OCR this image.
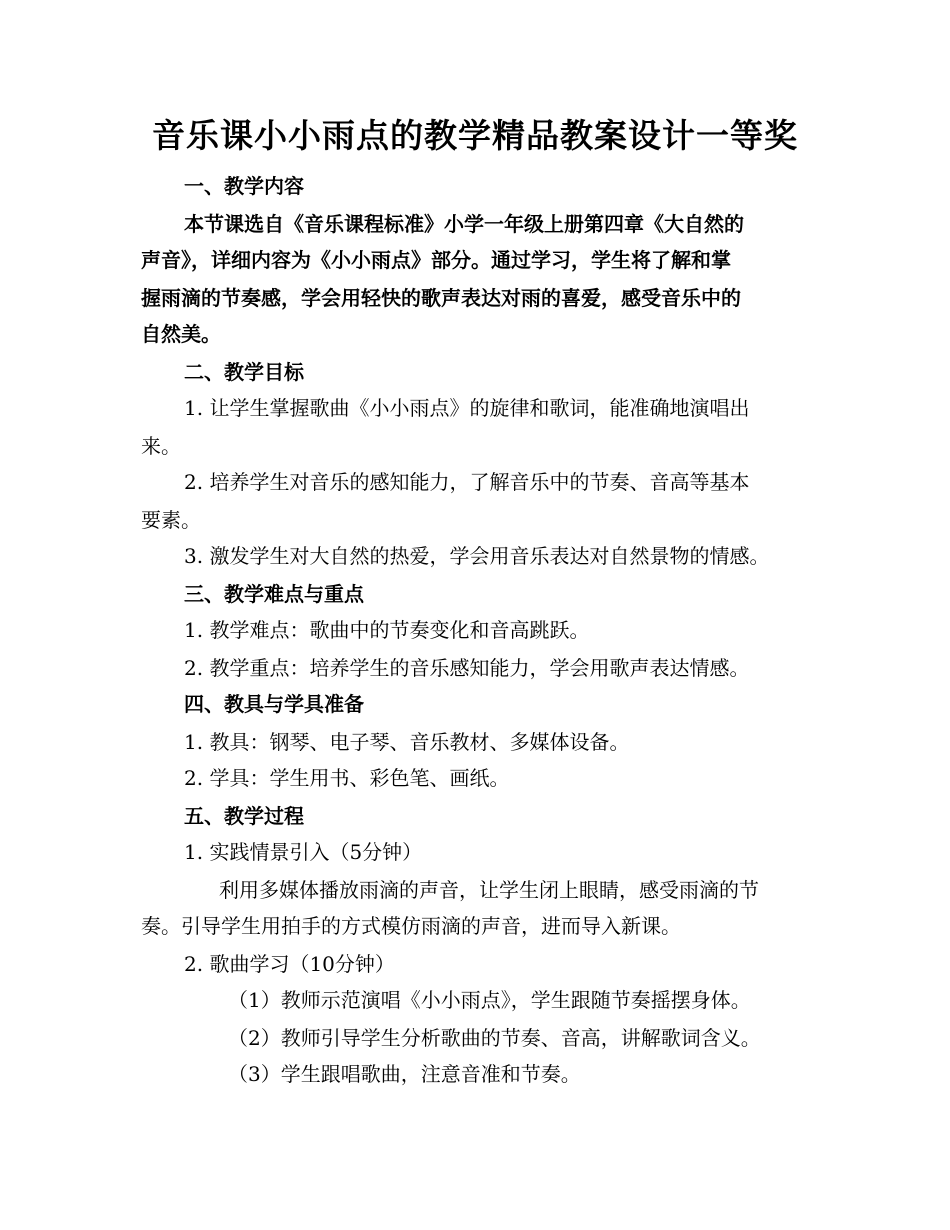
音乐课小小雨点的教学精品教案设计一等奖
一、教学内容
本节课选自《音乐课程标准》小学一年级上册第四章《大自然的
声音》，详细内容为《小小雨点》部分。通过学习，学生将了解和掌
握雨滴的节奏感，学会用轻快的歌声表达对雨的喜爱，感受音乐中的
自然美。
二、教学目标
1. 让学生掌握歌曲《小小雨点》的旋律和歌词，能准确地演唱出
来。
2. 培养学生对音乐的感知能力，了解音乐中的节奏、音高等基本
要素。
3. 激发学生对大自然的热爱，学会用音乐表达对自然景物的情感。
三、教学难点与重点
1. 教学难点：歌曲中的节奏变化和音高跳跃。
2. 教学重点：培养学生的音乐感知能力，学会用歌声表达情感。
四、教具与学具准备
1. 教具：钢琴、电子琴、音乐教材、多媒体设备。
2. 学具：学生用书、彩色笔、画纸。
五、教学过程
1. 实践情景引入（5分钟）
利用多媒体播放雨滴的声音，让学生闭上眼睛，感受雨滴的节
奏。引导学生用拍手的方式模仿雨滴的声音，进而导入新课。
2. 歌曲学习（10分钟）
（1）教师示范演唱《小小雨点》，学生跟随节奏摇摆身体。
（2）教师引导学生分析歌曲的节奏、音高，讲解歌词含义。
（3）学生跟唱歌曲，注意音准和节奏。
